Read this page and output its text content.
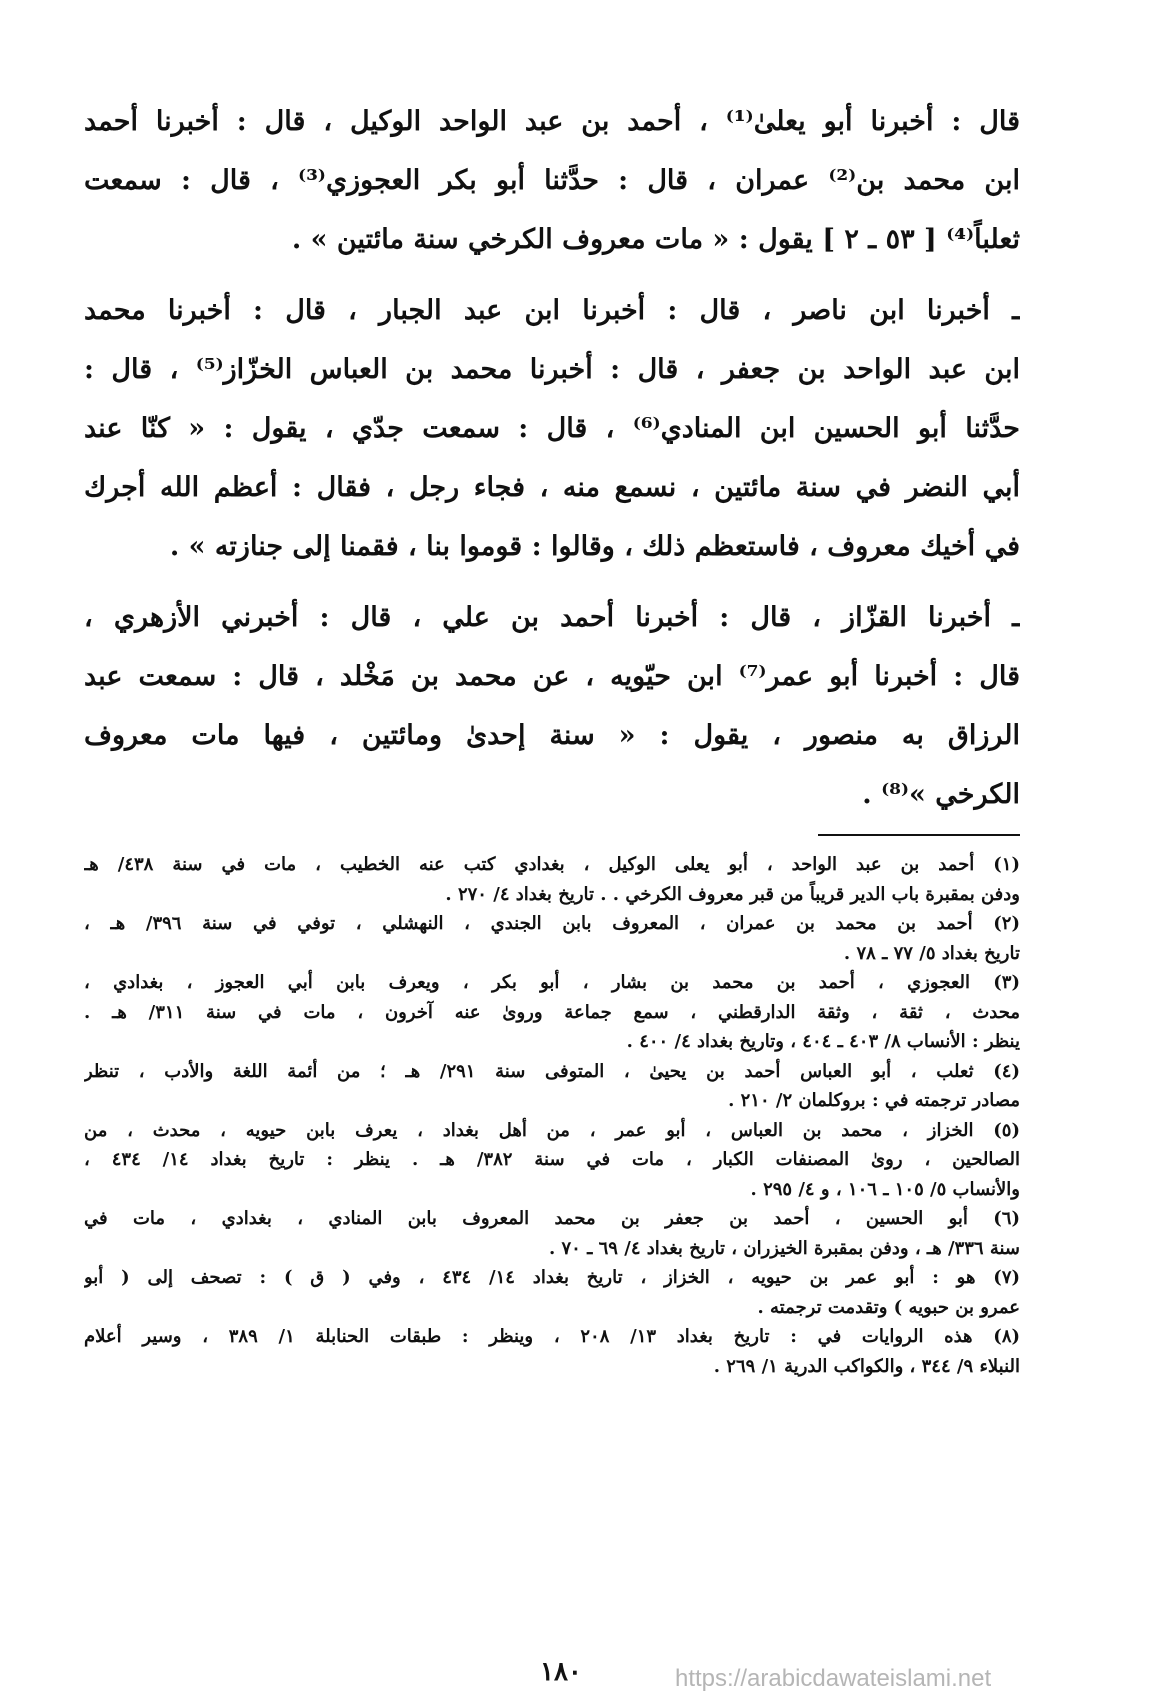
قال : أخبرنا أبو يعلىٰ⁽¹⁾ ، أحمد بن عبد الواحد الوكيل ، قال : أخبرنا أحمد
ابن محمد بن⁽²⁾ عمران ، قال : حدَّثنا أبو بكر العجوزي⁽³⁾ ، قال : سمعت
ثعلباً⁽⁴⁾ [ ٥٣ ـ ٢ ] يقول : « مات معروف الكرخي سنة مائتين » .
ـ أخبرنا ابن ناصر ، قال : أخبرنا ابن عبد الجبار ، قال : أخبرنا محمد
ابن عبد الواحد بن جعفر ، قال : أخبرنا محمد بن العباس الخزّاز⁽⁵⁾ ، قال :
حدَّثنا أبو الحسين ابن المنادي⁽⁶⁾ ، قال : سمعت جدّي ، يقول : « كنّا عند
أبي النضر في سنة مائتين ، نسمع منه ، فجاء رجل ، فقال : أعظم الله أجرك
في أخيك معروف ، فاستعظم ذلك ، وقالوا : قوموا بنا ، فقمنا إلى جنازته » .
ـ أخبرنا القزّاز ، قال : أخبرنا أحمد بن علي ، قال : أخبرني الأزهري ،
قال : أخبرنا أبو عمر⁽⁷⁾ ابن حيّويه ، عن محمد بن مَخْلد ، قال : سمعت عبد
الرزاق به منصور ، يقول : « سنة إحدىٰ ومائتين ، فيها مات معروف
الكرخي »⁽⁸⁾ .
(١) أحمد بن عبد الواحد ، أبو يعلى الوكيل ، بغدادي كتب عنه الخطيب ، مات في سنة ٤٣٨/ هـ
ودفن بمقبرة باب الدير قريباً من قبر معروف الكرخي . . تاريخ بغداد ٤/ ٢٧٠ .
(٢) أحمد بن محمد بن عمران ، المعروف بابن الجندي ، النهشلي ، توفي في سنة ٣٩٦/ هـ ،
تاريخ بغداد ٥/ ٧٧ ـ ٧٨ .
(٣) العجوزي ، أحمد بن محمد بن بشار ، أبو بكر ، ويعرف بابن أبي العجوز ، بغدادي ،
محدث ، ثقة ، وثقة الدارقطني ، سمع جماعة وروىٰ عنه آخرون ، مات في سنة ٣١١/ هـ .
ينظر : الأنساب ٨/ ٤٠٣ ـ ٤٠٤ ، وتاريخ بغداد ٤/ ٤٠٠ .
(٤) ثعلب ، أبو العباس أحمد بن يحيىٰ ، المتوفى سنة ٢٩١/ هـ ؛ من أئمة اللغة والأدب ، تنظر
مصادر ترجمته في : بروكلمان ٢/ ٢١٠ .
(٥) الخزاز ، محمد بن العباس ، أبو عمر ، من أهل بغداد ، يعرف بابن حيويه ، محدث ، من
الصالحين ، روىٰ المصنفات الكبار ، مات في سنة ٣٨٢/ هـ . ينظر : تاريخ بغداد ١٤/ ٤٣٤ ،
والأنساب ٥/ ١٠٥ ـ ١٠٦ ، و ٤/ ٢٩٥ .
(٦) أبو الحسين ، أحمد بن جعفر بن محمد المعروف بابن المنادي ، بغدادي ، مات في
سنة ٣٣٦/ هـ ، ودفن بمقبرة الخيزران ، تاريخ بغداد ٤/ ٦٩ ـ ٧٠ .
(٧) هو : أبو عمر بن حيويه ، الخزاز ، تاريخ بغداد ١٤/ ٤٣٤ ، وفي ( ق ) : تصحف إلى ( أبو
عمرو بن حبويه ) وتقدمت ترجمته .
(٨) هذه الروايات في : تاريخ بغداد ١٣/ ٢٠٨ ، وينظر : طبقات الحنابلة ١/ ٣٨٩ ، وسير أعلام
النبلاء ٩/ ٣٤٤ ، والكواكب الدرية ١/ ٢٦٩ .
١٨٠	https://arabicdawateislami.net
